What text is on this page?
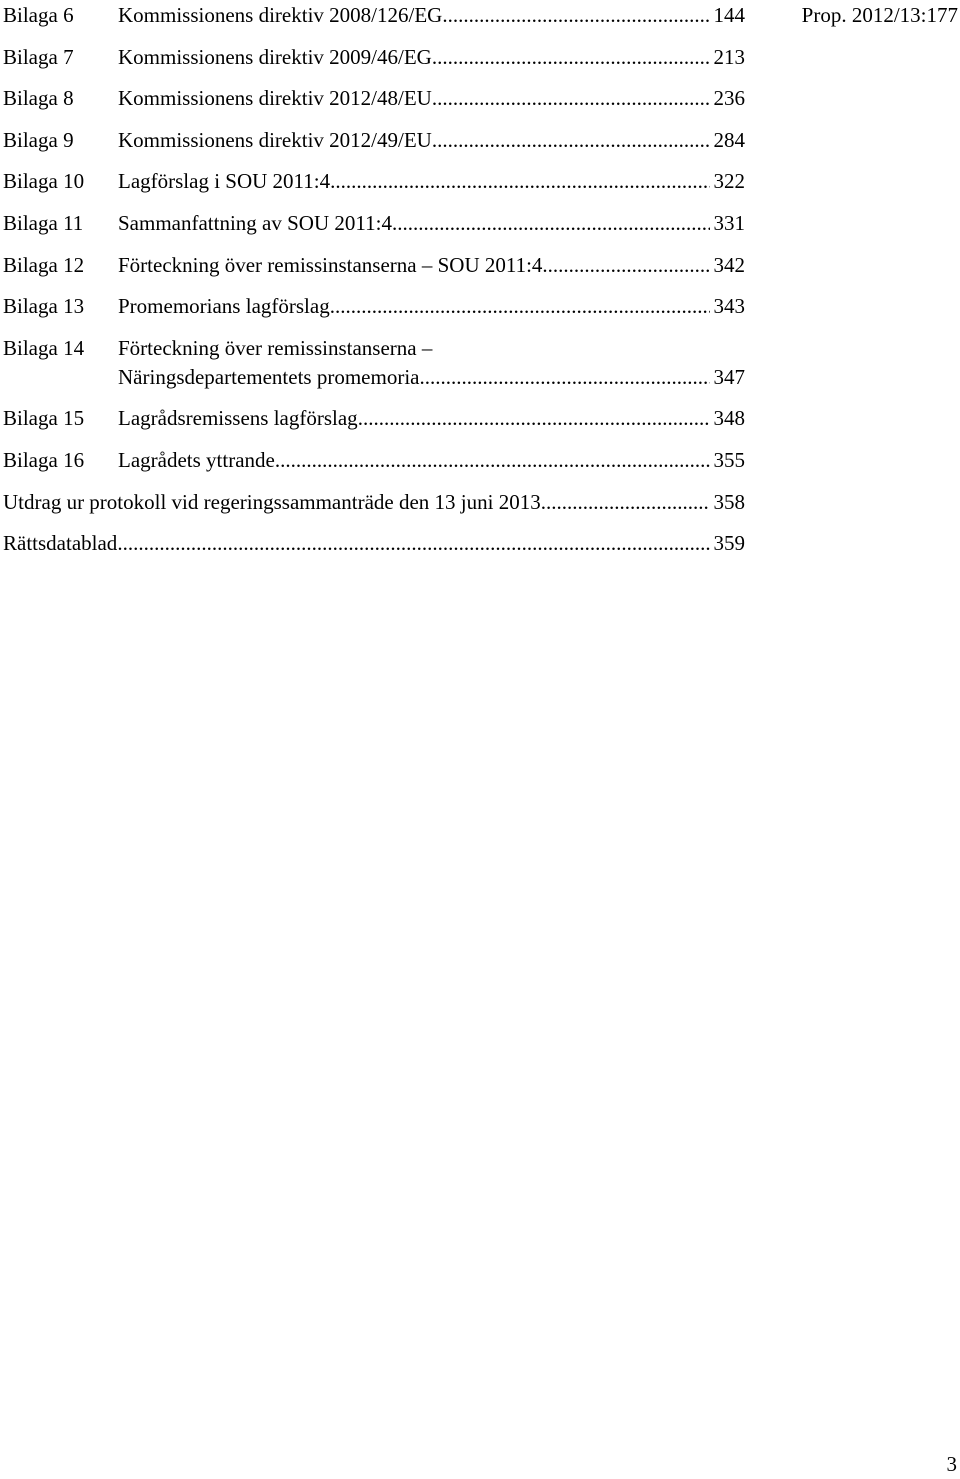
Prop. 2012/13:177
Bilaga 6	Kommissionens direktiv 2008/126/EG .....	144
Bilaga 7	Kommissionens direktiv 2009/46/EG .....	213
Bilaga 8	Kommissionens direktiv 2012/48/EU .....	236
Bilaga 9	Kommissionens direktiv 2012/49/EU .....	284
Bilaga 10	Lagförslag i SOU 2011:4 .....	322
Bilaga 11	Sammanfattning av SOU 2011:4 .....	331
Bilaga 12	Förteckning över remissinstanserna – SOU 2011:4 .....	342
Bilaga 13	Promemorians lagförslag .....	343
Bilaga 14	Förteckning över remissinstanserna –
Näringsdepartementets promemoria .....	347
Bilaga 15	Lagrådsremissens lagförslag .....	348
Bilaga 16	Lagrådets yttrande .....	355
Utdrag ur protokoll vid regeringssammanträde den 13 juni 2013 .....	358
Rättsdatablad .....	359
3
